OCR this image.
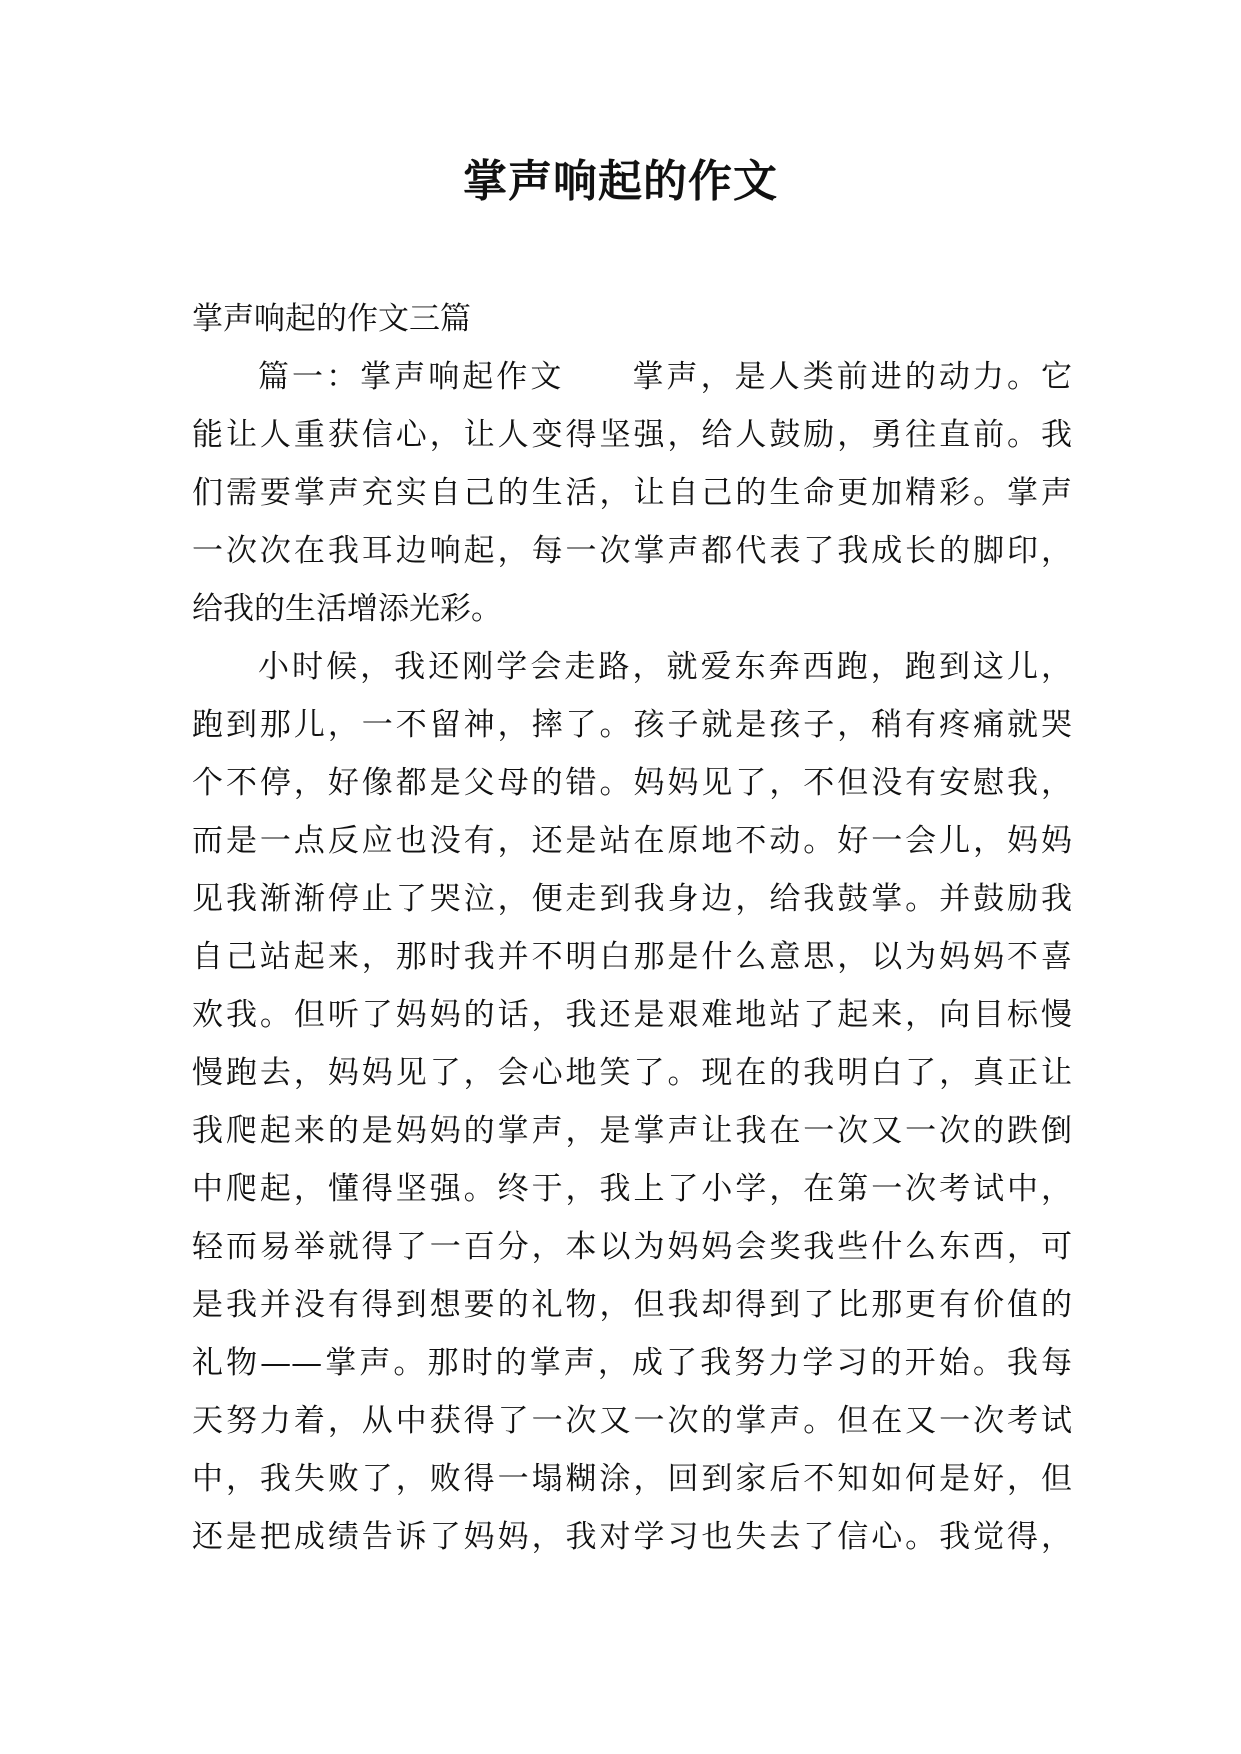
掌声响起的作文
掌声响起的作文三篇
篇一：掌声响起作文　　掌声，是人类前进的动力。它
能让人重获信心，让人变得坚强，给人鼓励，勇往直前。我
们需要掌声充实自己的生活，让自己的生命更加精彩。掌声
一次次在我耳边响起，每一次掌声都代表了我成长的脚印，
给我的生活增添光彩。
小时候，我还刚学会走路，就爱东奔西跑，跑到这儿，
跑到那儿，一不留神，摔了。孩子就是孩子，稍有疼痛就哭
个不停，好像都是父母的错。妈妈见了，不但没有安慰我，
而是一点反应也没有，还是站在原地不动。好一会儿，妈妈
见我渐渐停止了哭泣，便走到我身边，给我鼓掌。并鼓励我
自己站起来，那时我并不明白那是什么意思，以为妈妈不喜
欢我。但听了妈妈的话，我还是艰难地站了起来，向目标慢
慢跑去，妈妈见了，会心地笑了。现在的我明白了，真正让
我爬起来的是妈妈的掌声，是掌声让我在一次又一次的跌倒
中爬起，懂得坚强。终于，我上了小学，在第一次考试中，
轻而易举就得了一百分，本以为妈妈会奖我些什么东西，可
是我并没有得到想要的礼物，但我却得到了比那更有价值的
礼物——掌声。那时的掌声，成了我努力学习的开始。我每
天努力着，从中获得了一次又一次的掌声。但在又一次考试
中，我失败了，败得一塌糊涂，回到家后不知如何是好，但
还是把成绩告诉了妈妈，我对学习也失去了信心。我觉得，
